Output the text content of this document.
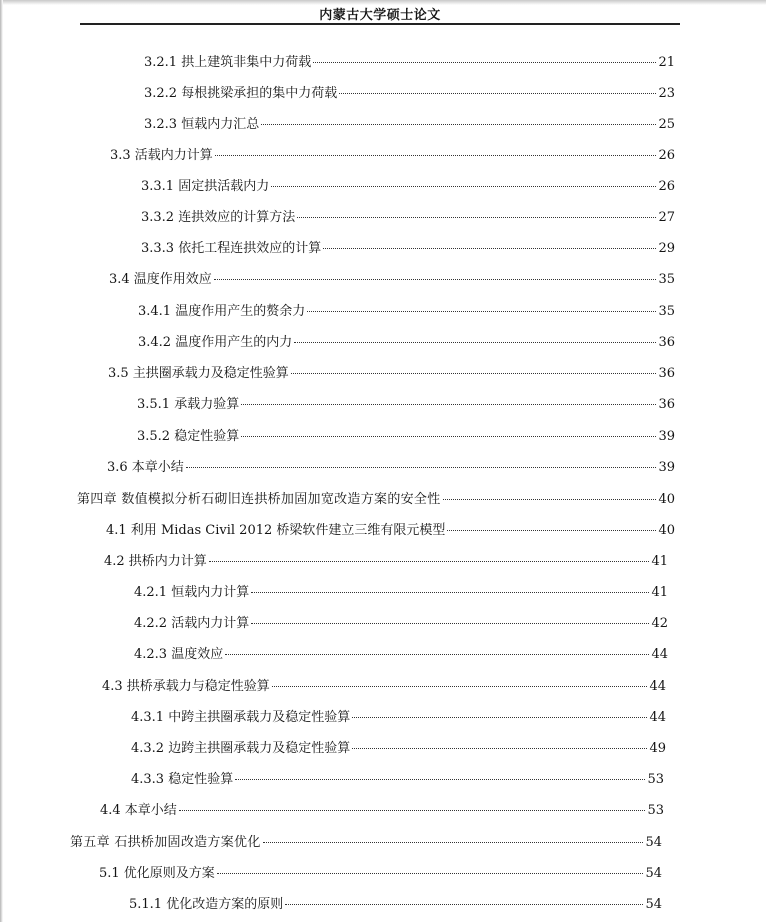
内蒙古大学硕士论文
3.2.1 拱上建筑非集中力荷载	21
3.2.2 每根挑梁承担的集中力荷载	23
3.2.3 恒载内力汇总	25
3.3 活载内力计算	26
3.3.1 固定拱活载内力	26
3.3.2 连拱效应的计算方法	27
3.3.3 依托工程连拱效应的计算	29
3.4 温度作用效应	35
3.4.1 温度作用产生的赘余力	35
3.4.2 温度作用产生的内力	36
3.5 主拱圈承载力及稳定性验算	36
3.5.1 承载力验算	36
3.5.2 稳定性验算	39
3.6 本章小结	39
第四章 数值模拟分析石砌旧连拱桥加固加宽改造方案的安全性	40
4.1 利用 Midas Civil 2012 桥梁软件建立三维有限元模型	40
4.2 拱桥内力计算	41
4.2.1 恒载内力计算	41
4.2.2 活载内力计算	42
4.2.3 温度效应	44
4.3 拱桥承载力与稳定性验算	44
4.3.1 中跨主拱圈承载力及稳定性验算	44
4.3.2 边跨主拱圈承载力及稳定性验算	49
4.3.3 稳定性验算	53
4.4 本章小结	53
第五章 石拱桥加固改造方案优化	54
5.1 优化原则及方案	54
5.1.1 优化改造方案的原则	54
